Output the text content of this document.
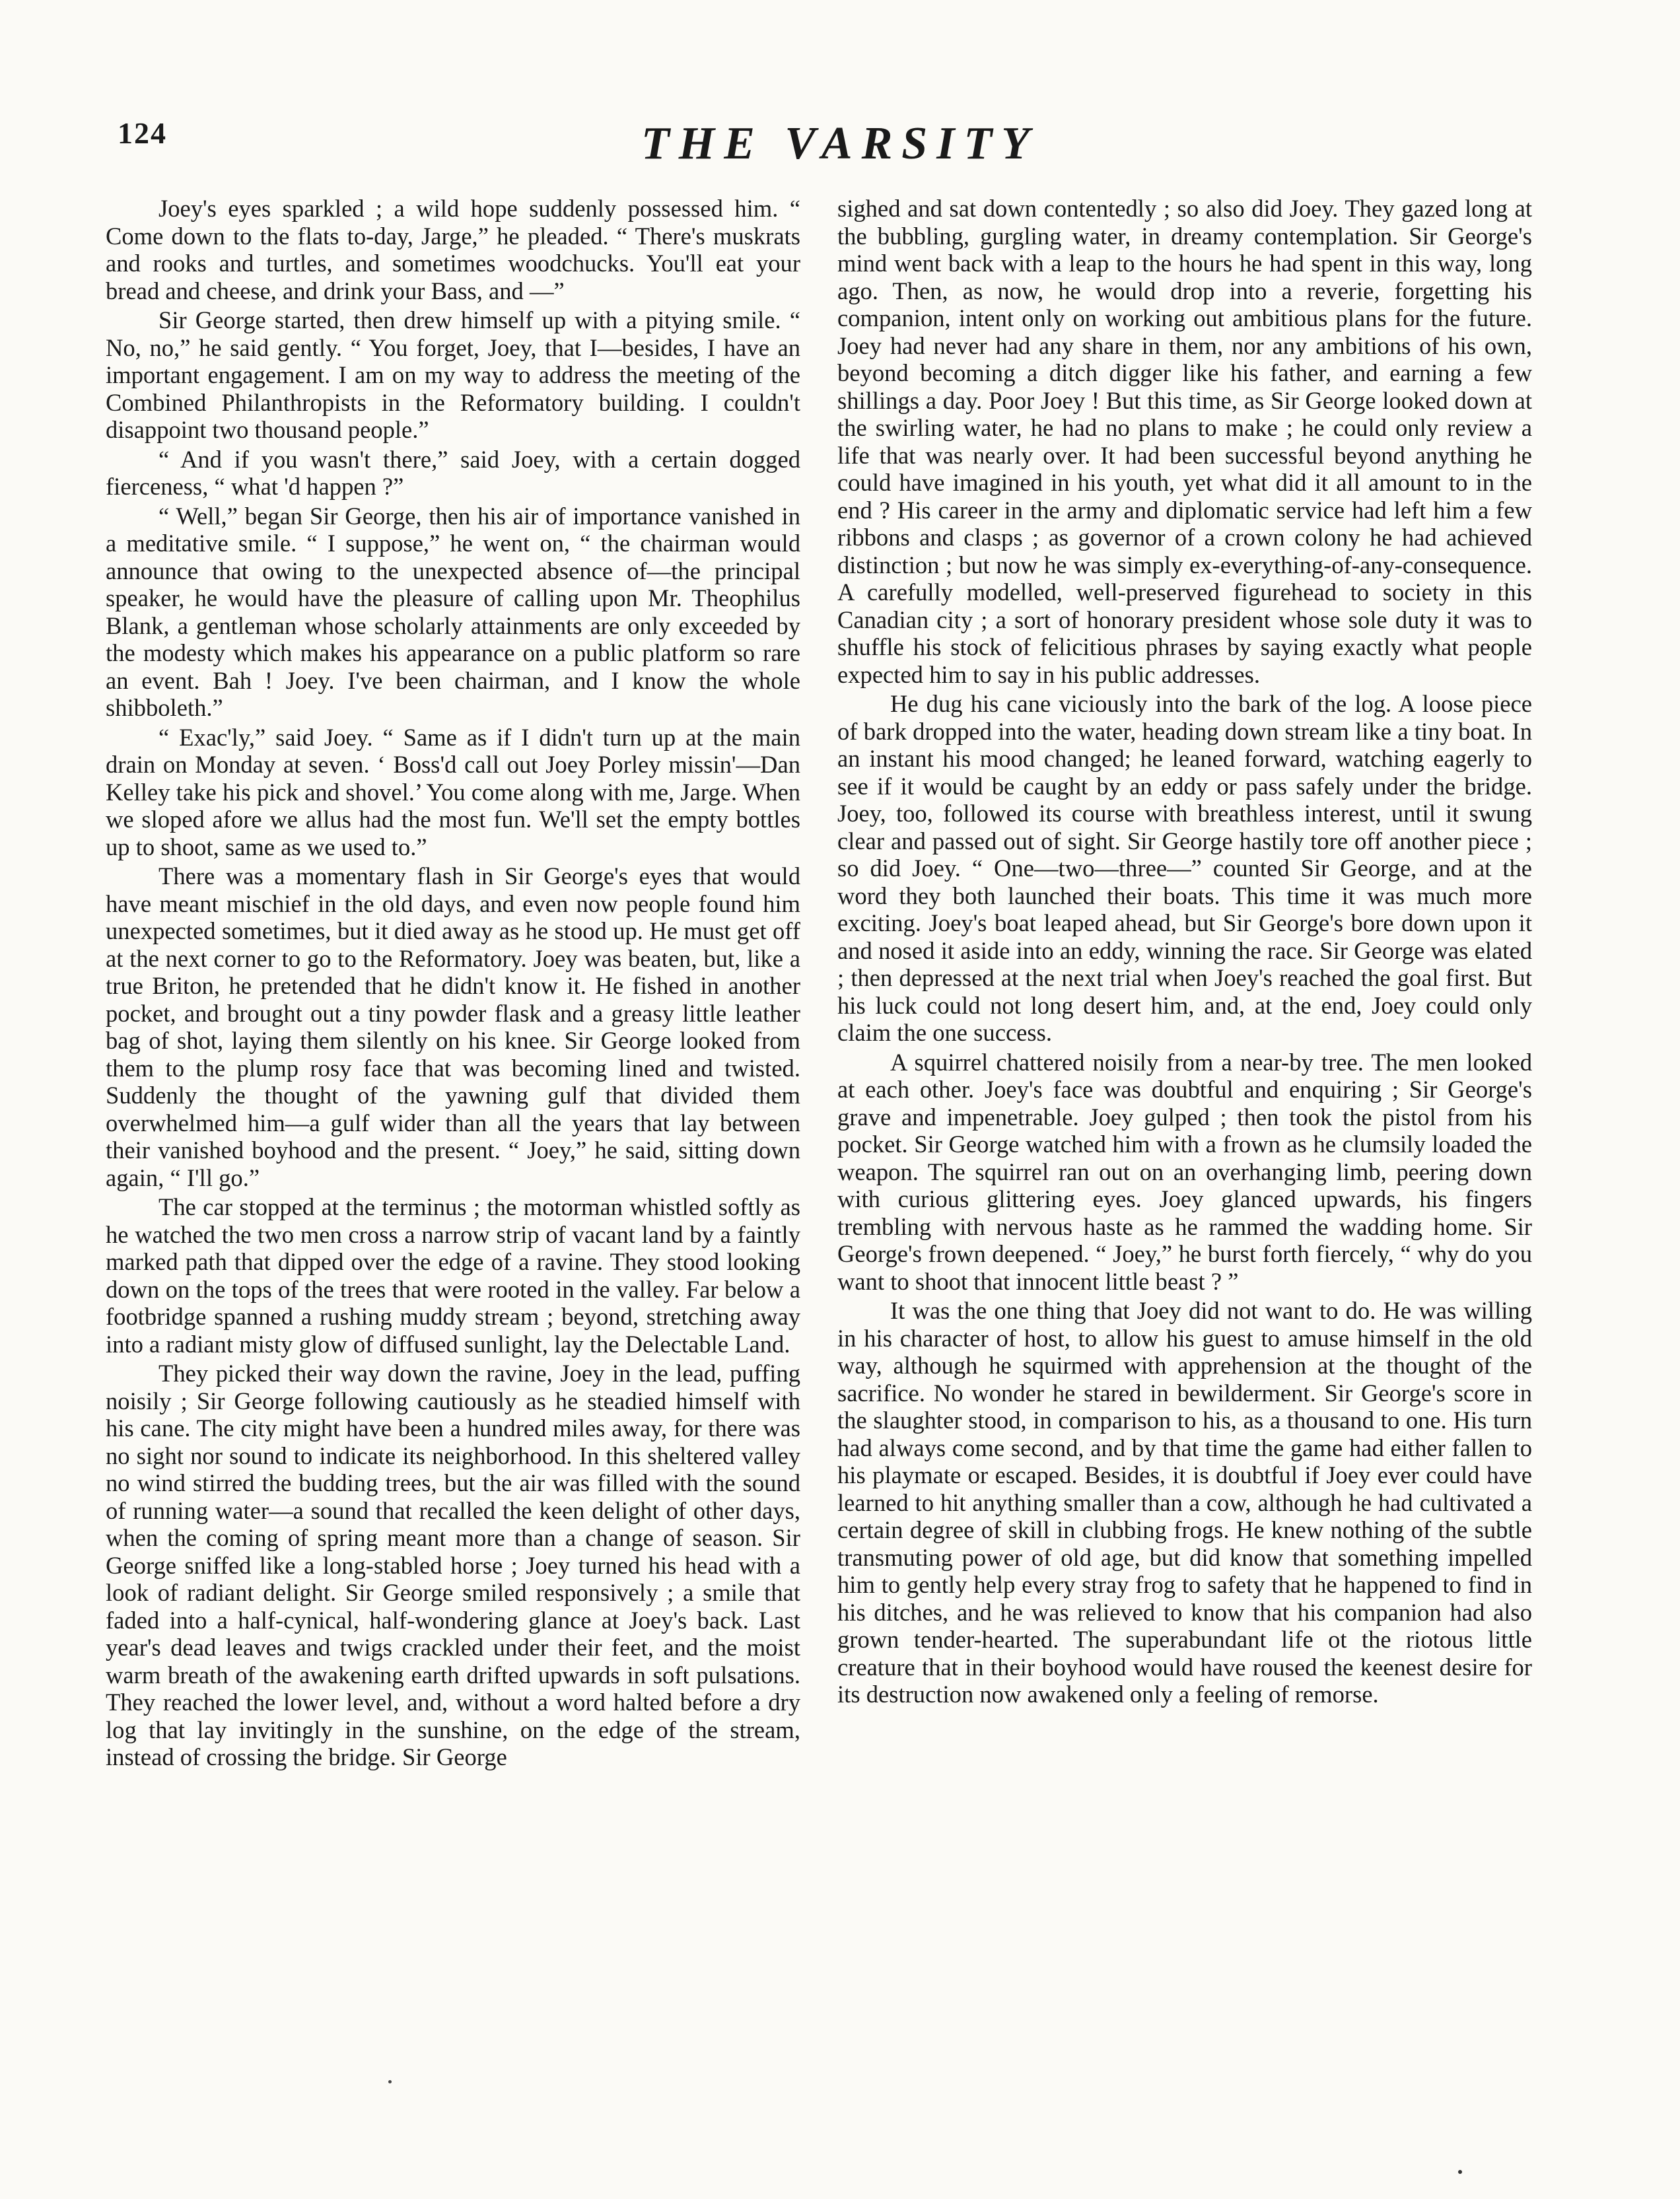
124	THE VARSITY

Joey's eyes sparkled ; a wild hope suddenly possessed him. “ Come down to the flats to-day, Jarge,” he pleaded. “ There's muskrats and rooks and turtles, and sometimes woodchucks. You'll eat your bread and cheese, and drink your Bass, and —”

Sir George started, then drew himself up with a pitying smile. “ No, no,” he said gently. “ You forget, Joey, that I—besides, I have an important engagement. I am on my way to address the meeting of the Combined Philanthropists in the Reformatory building. I couldn't disappoint two thousand people.”

“ And if you wasn't there,” said Joey, with a certain dogged fierceness, “ what 'd happen ?”

“ Well,” began Sir George, then his air of importance vanished in a meditative smile. “ I suppose,” he went on, “ the chairman would announce that owing to the unexpected absence of—the principal speaker, he would have the pleasure of calling upon Mr. Theophilus Blank, a gentleman whose scholarly attainments are only exceeded by the modesty which makes his appearance on a public platform so rare an event. Bah ! Joey. I've been chairman, and I know the whole shibboleth.”

“ Exac'ly,” said Joey. “ Same as if I didn't turn up at the main drain on Monday at seven. ‘ Boss'd call out Joey Porley missin'—Dan Kelley take his pick and shovel.’ You come along with me, Jarge. When we sloped afore we allus had the most fun. We'll set the empty bottles up to shoot, same as we used to.”

There was a momentary flash in Sir George's eyes that would have meant mischief in the old days, and even now people found him unexpected sometimes, but it died away as he stood up. He must get off at the next corner to go to the Reformatory. Joey was beaten, but, like a true Briton, he pretended that he didn't know it. He fished in another pocket, and brought out a tiny powder flask and a greasy little leather bag of shot, laying them silently on his knee. Sir George looked from them to the plump rosy face that was becoming lined and twisted. Suddenly the thought of the yawning gulf that divided them overwhelmed him—a gulf wider than all the years that lay between their vanished boyhood and the present. “ Joey,” he said, sitting down again, “ I'll go.”

The car stopped at the terminus ; the motorman whistled softly as he watched the two men cross a narrow strip of vacant land by a faintly marked path that dipped over the edge of a ravine. They stood looking down on the tops of the trees that were rooted in the valley. Far below a footbridge spanned a rushing muddy stream ; beyond, stretching away into a radiant misty glow of diffused sunlight, lay the Delectable Land.

They picked their way down the ravine, Joey in the lead, puffing noisily ; Sir George following cautiously as he steadied himself with his cane. The city might have been a hundred miles away, for there was no sight nor sound to indicate its neighborhood. In this sheltered valley no wind stirred the budding trees, but the air was filled with the sound of running water—a sound that recalled the keen delight of other days, when the coming of spring meant more than a change of season. Sir George sniffed like a long-stabled horse ; Joey turned his head with a look of radiant delight. Sir George smiled responsively ; a smile that faded into a half-cynical, half-wondering glance at Joey's back. Last year's dead leaves and twigs crackled under their feet, and the moist warm breath of the awakening earth drifted upwards in soft pulsations. They reached the lower level, and, without a word halted before a dry log that lay invitingly in the sunshine, on the edge of the stream, instead of crossing the bridge. Sir George

sighed and sat down contentedly ; so also did Joey. They gazed long at the bubbling, gurgling water, in dreamy contemplation. Sir George's mind went back with a leap to the hours he had spent in this way, long ago. Then, as now, he would drop into a reverie, forgetting his companion, intent only on working out ambitious plans for the future. Joey had never had any share in them, nor any ambitions of his own, beyond becoming a ditch digger like his father, and earning a few shillings a day. Poor Joey ! But this time, as Sir George looked down at the swirling water, he had no plans to make ; he could only review a life that was nearly over. It had been successful beyond anything he could have imagined in his youth, yet what did it all amount to in the end ? His career in the army and diplomatic service had left him a few ribbons and clasps ; as governor of a crown colony he had achieved distinction ; but now he was simply ex-everything-of-any-consequence. A carefully modelled, well-preserved figurehead to society in this Canadian city ; a sort of honorary president whose sole duty it was to shuffle his stock of felicitious phrases by saying exactly what people expected him to say in his public addresses.

He dug his cane viciously into the bark of the log. A loose piece of bark dropped into the water, heading down stream like a tiny boat. In an instant his mood changed; he leaned forward, watching eagerly to see if it would be caught by an eddy or pass safely under the bridge. Joey, too, followed its course with breathless interest, until it swung clear and passed out of sight. Sir George hastily tore off another piece ; so did Joey. “ One—two—three—” counted Sir George, and at the word they both launched their boats. This time it was much more exciting. Joey's boat leaped ahead, but Sir George's bore down upon it and nosed it aside into an eddy, winning the race. Sir George was elated ; then depressed at the next trial when Joey's reached the goal first. But his luck could not long desert him, and, at the end, Joey could only claim the one success.

A squirrel chattered noisily from a near-by tree. The men looked at each other. Joey's face was doubtful and enquiring ; Sir George's grave and impenetrable. Joey gulped ; then took the pistol from his pocket. Sir George watched him with a frown as he clumsily loaded the weapon. The squirrel ran out on an overhanging limb, peering down with curious glittering eyes. Joey glanced upwards, his fingers trembling with nervous haste as he rammed the wadding home. Sir George's frown deepened. “ Joey,” he burst forth fiercely, “ why do you want to shoot that innocent little beast ? ”

It was the one thing that Joey did not want to do. He was willing in his character of host, to allow his guest to amuse himself in the old way, although he squirmed with apprehension at the thought of the sacrifice. No wonder he stared in bewilderment. Sir George's score in the slaughter stood, in comparison to his, as a thousand to one. His turn had always come second, and by that time the game had either fallen to his playmate or escaped. Besides, it is doubtful if Joey ever could have learned to hit anything smaller than a cow, although he had cultivated a certain degree of skill in clubbing frogs. He knew nothing of the subtle transmuting power of old age, but did know that something impelled him to gently help every stray frog to safety that he happened to find in his ditches, and he was relieved to know that his companion had also grown tender-hearted. The superabundant life ot the riotous little creature that in their boyhood would have roused the keenest desire for its destruction now awakened only a feeling of remorse.
